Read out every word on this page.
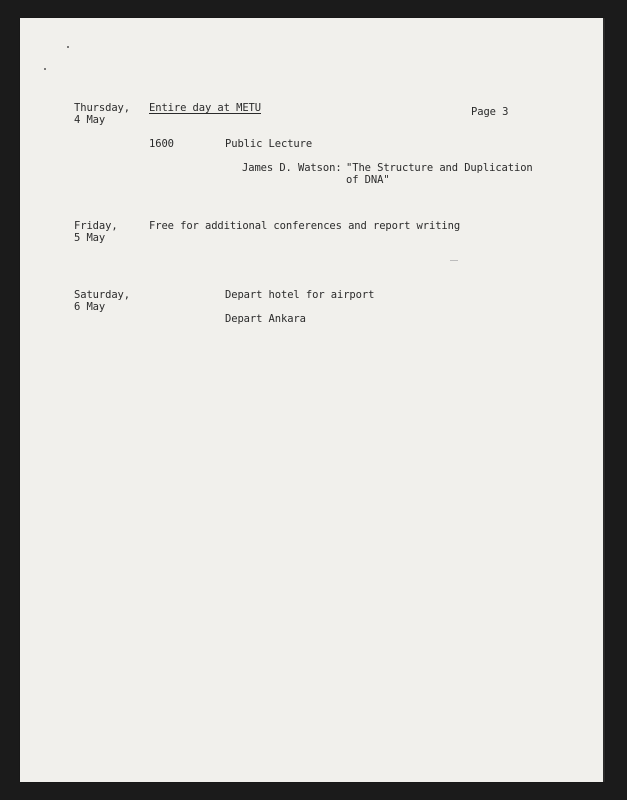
Page 3

Thursday,

4 May

Entire day at METU

1600	Public Lecture

James D. Watson: "The Structure and Duplication

of DNA"

Friday,

5 May

Free for additional conferences and report writing

Saturday,

6 May

Depart hotel for airport

Depart Ankara
